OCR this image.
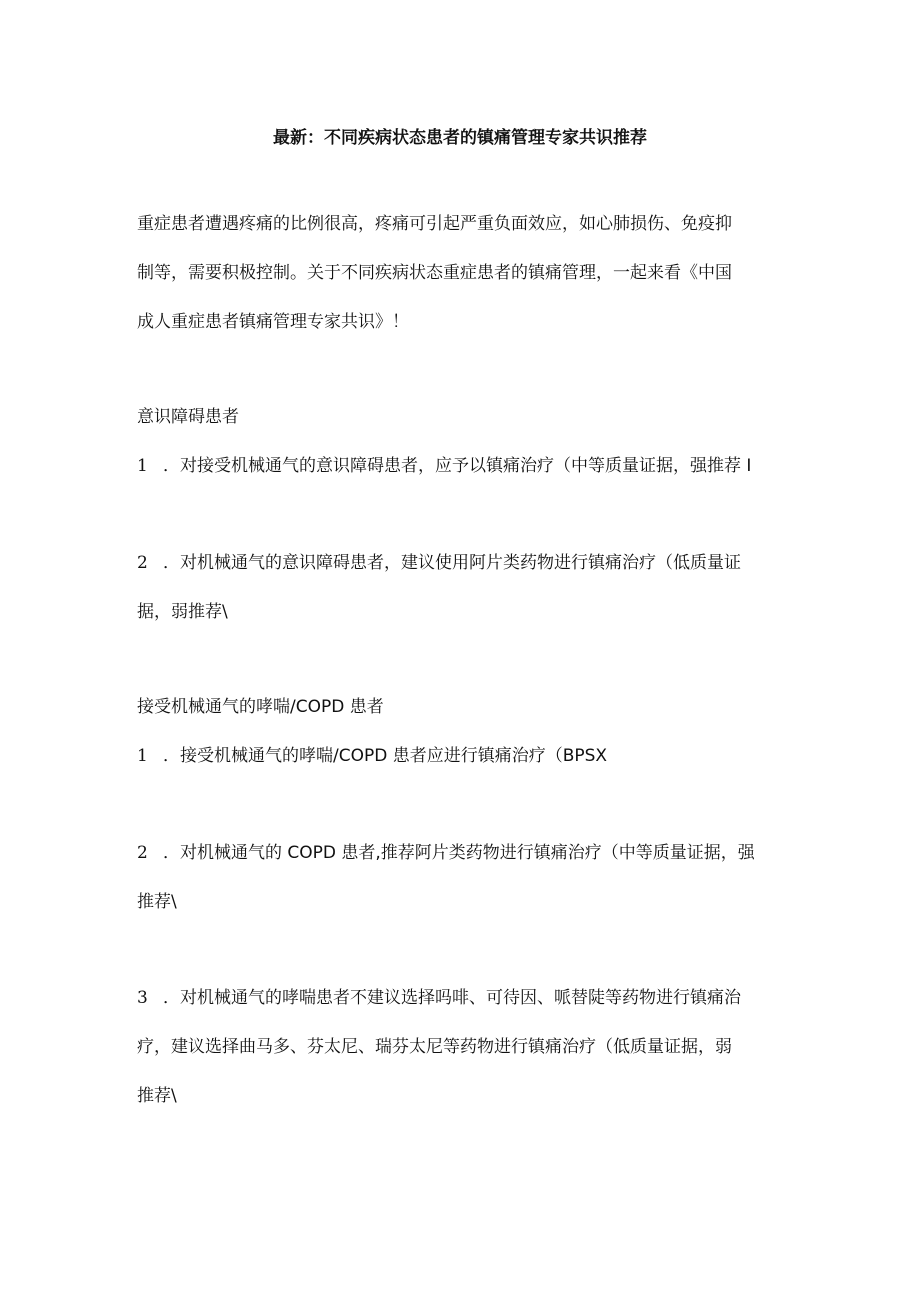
最新：不同疾病状态患者的镇痛管理专家共识推荐
重症患者遭遇疼痛的比例很高，疼痛可引起严重负面效应，如心肺损伤、免疫抑
制等，需要积极控制。关于不同疾病状态重症患者的镇痛管理，一起来看《中国
成人重症患者镇痛管理专家共识》！
意识障碍患者
1 ．对接受机械通气的意识障碍患者，应予以镇痛治疗（中等质量证据，强推荐 I
2 ．对机械通气的意识障碍患者，建议使用阿片类药物进行镇痛治疗（低质量证
据，弱推荐\
接受机械通气的哮喘/COPD 患者
1 ．接受机械通气的哮喘/COPD 患者应进行镇痛治疗（BPSX
2 ．对机械通气的 COPD 患者,推荐阿片类药物进行镇痛治疗（中等质量证据，强
推荐\
3 ．对机械通气的哮喘患者不建议选择吗啡、可待因、哌替陡等药物进行镇痛治
疗，建议选择曲马多、芬太尼、瑞芬太尼等药物进行镇痛治疗（低质量证据，弱
推荐\
